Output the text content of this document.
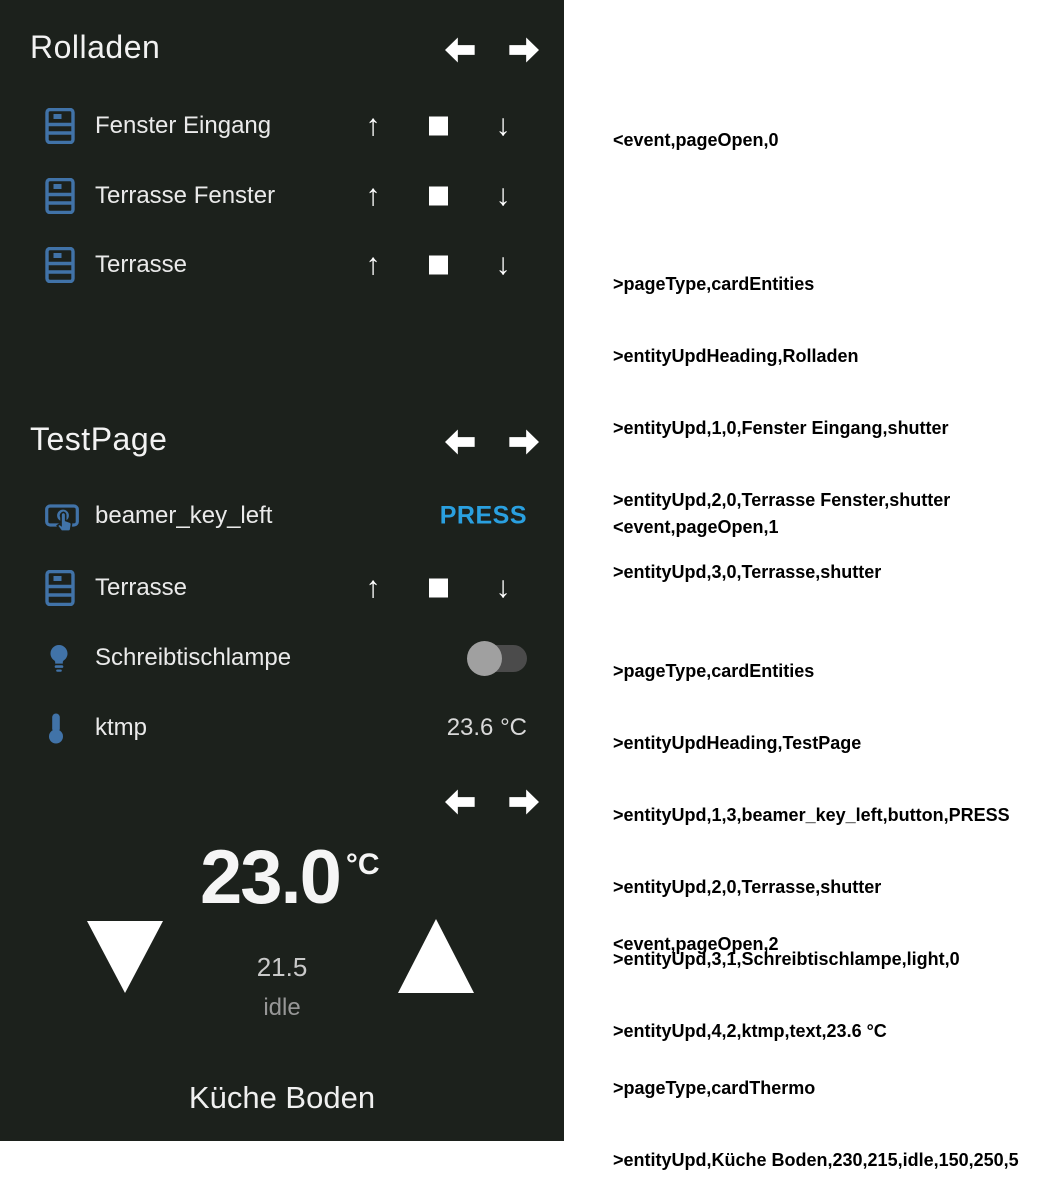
Rolladen
Fenster Eingang	↑	↓
Terrasse Fenster	↑	↓
Terrasse	↑	↓
TestPage
beamer_key_left	PRESS
Terrasse	↑	↓
Schreibtischlampe
ktmp	23.6 °C
23.0 °C
21.5
idle
Küche Boden

<event,pageOpen,0

>pageType,cardEntities

>entityUpdHeading,Rolladen

>entityUpd,1,0,Fenster Eingang,shutter

>entityUpd,2,0,Terrasse Fenster,shutter

>entityUpd,3,0,Terrasse,shutter

<event,pageOpen,1

>pageType,cardEntities

>entityUpdHeading,TestPage

>entityUpd,1,3,beamer_key_left,button,PRESS

>entityUpd,2,0,Terrasse,shutter

>entityUpd,3,1,Schreibtischlampe,light,0

>entityUpd,4,2,ktmp,text,23.6 °C

<event,pageOpen,2

>pageType,cardThermo

>entityUpd,Küche Boden,230,215,idle,150,250,5
